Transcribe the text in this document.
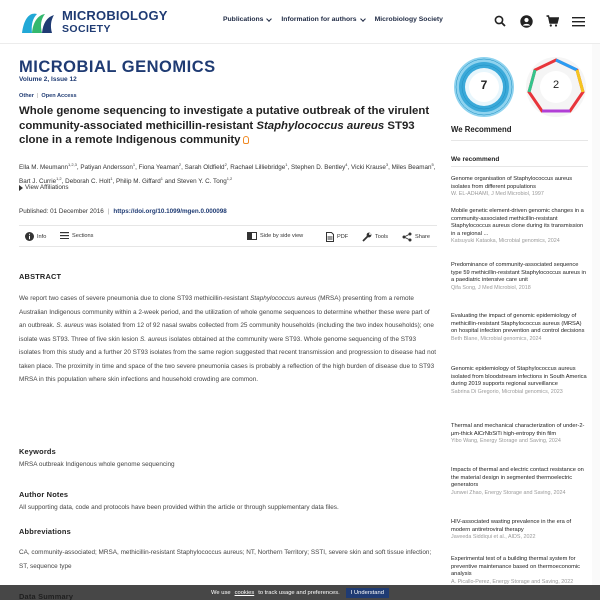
MICROBIOLOGY
SOCIETY
Publications	Information for authors	Microbiology Society
MICROBIAL GENOMICS
Volume 2, Issue 12
Other | Open Access
Whole genome sequencing to investigate a putative outbreak of the virulent community-associated methicillin-resistant Staphylococcus aureus ST93 clone in a remote Indigenous community
Ella M. Meumann$^{1,2,3}$, Patiyan Andersson$^1$, Fiona Yeaman$^2$, Sarah Oldfield$^2$, Rachael Lilliebridge$^1$, Stephen D. Bentley$^4$, Vicki Krause$^3$, Miles Beaman$^5$, Bart J. Currie$^{1,2}$, Deborah C. Holt$^1$, Philip M. Giffard$^1$ and Steven Y. C. Tong$^{1,2}$
View Affiliations
Published: 01 December 2016 | https://doi.org/10.1099/mgen.0.000098
Info	Sections	Side by side view	PDF	Tools	Share
ABSTRACT
We report two cases of severe pneumonia due to clone ST93 methicillin-resistant Staphylococcus aureus (MRSA) presenting from a remote Australian Indigenous community within a 2-week period, and the utilization of whole genome sequences to determine whether these were part of an outbreak. S. aureus was isolated from 12 of 92 nasal swabs collected from 25 community households (including the two index households); one isolate was ST93. Three of five skin lesion S. aureus isolates obtained at the community were ST93. Whole genome sequencing of the ST93 isolates from this study and a further 20 ST93 isolates from the same region suggested that recent transmission and progression to disease had not taken place. The proximity in time and space of the two severe pneumonia cases is probably a reflection of the high burden of disease due to ST93 MRSA in this population where skin infections and household crowding are common.
Keywords
MRSA outbreak Indigenous whole genome sequencing
Author Notes
All supporting data, code and protocols have been provided within the article or through supplementary data files.
Abbreviations
CA, community-associated; MRSA, methicillin-resistant Staphylococcus aureus; NT, Northern Territory; SSTI, severe skin and soft tissue infection; ST, sequence type
7	2
We Recommend
We recommend
Genome organisation of Staphylococcus aureus isolates from different populations
W. EL-ADHAMI, J Med Microbiol, 1997
Mobile genetic element-driven genomic changes in a community-associated methicillin-resistant Staphylococcus aureus clone during its transmission in a regional ...
Katsuyuki Kataoka, Microbial genomics, 2024
Predominance of community-associated sequence type 59 methicillin-resistant Staphylococcus aureus in a paediatric intensive care unit
Qifa Song, J Med Microbiol, 2018
Evaluating the impact of genomic epidemiology of methicillin-resistant Staphylococcus aureus (MRSA) on hospital infection prevention and control decisions
Beth Blane, Microbial genomics, 2024
Genomic epidemiology of Staphylococcus aureus isolated from bloodstream infections in South America during 2019 supports regional surveillance
Sabrina Di Gregorio, Microbial genomics, 2023
Thermal and mechanical characterization of under-2-μm-thick AlCrNbSiTi high-entropy thin film
Yibo Wang, Energy Storage and Saving, 2024
Impacts of thermal and electric contact resistance on the material design in segmented thermoelectric generators
Junwei Zhao, Energy Storage and Saving, 2024
HIV-associated wasting prevalence in the era of modern antiretroviral therapy
Javeeda Siddiqui et al., AIDS, 2022
Experimental test of a building thermal system for preventive maintenance based on thermoeconomic analysis
A. Picallo-Perez, Energy Storage and Saving, 2022
We use cookies to track usage and preferences.	I Understand
